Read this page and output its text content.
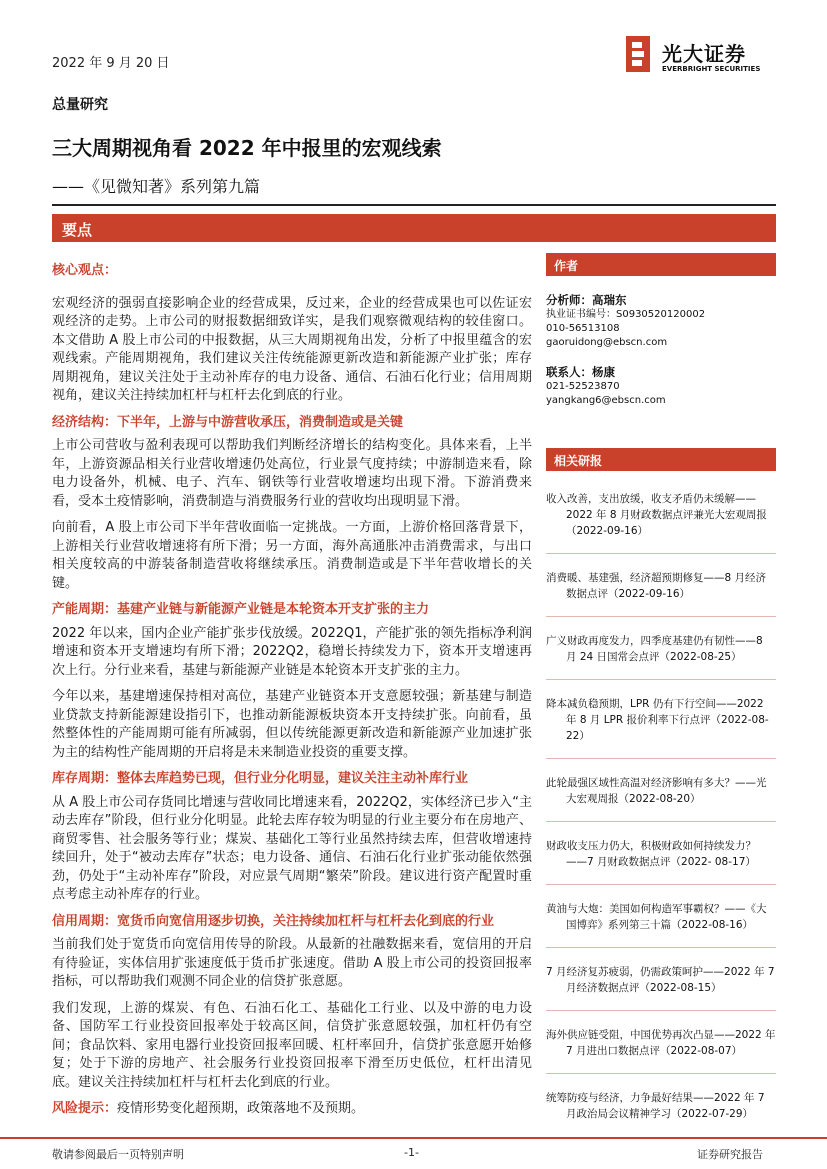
2022 年 9 月 20 日	光大证券
EVERBRIGHT SECURITIES
总量研究
三大周期视角看 2022 年中报里的宏观线索
——《见微知著》系列第九篇
要点
核心观点：

宏观经济的强弱直接影响企业的经营成果，反过来，企业的经营成果也可以佐证宏观经济的走势。上市公司的财报数据细致详实，是我们观察微观结构的较佳窗口。本文借助 A 股上市公司的中报数据，从三大周期视角出发，分析了中报里蕴含的宏观线索。产能周期视角，我们建议关注传统能源更新改造和新能源产业扩张；库存周期视角，建议关注处于主动补库存的电力设备、通信、石油石化行业；信用周期视角，建议关注持续加杠杆与杠杆去化到底的行业。

经济结构：下半年，上游与中游营收承压，消费制造或是关键

上市公司营收与盈利表现可以帮助我们判断经济增长的结构变化。具体来看，上半年，上游资源品相关行业营收增速仍处高位，行业景气度持续；中游制造来看，除电力设备外，机械、电子、汽车、钢铁等行业营收增速均出现下滑。下游消费来看，受本土疫情影响，消费制造与消费服务行业的营收均出现明显下滑。

向前看，A 股上市公司下半年营收面临一定挑战。一方面，上游价格回落背景下，上游相关行业营收增速将有所下滑；另一方面，海外高通胀冲击消费需求，与出口相关度较高的中游装备制造营收将继续承压。消费制造或是下半年营收增长的关键。

产能周期：基建产业链与新能源产业链是本轮资本开支扩张的主力

2022 年以来，国内企业产能扩张步伐放缓。2022Q1，产能扩张的领先指标净利润增速和资本开支增速均有所下滑；2022Q2，稳增长持续发力下，资本开支增速再次上行。分行业来看，基建与新能源产业链是本轮资本开支扩张的主力。

今年以来，基建增速保持相对高位，基建产业链资本开支意愿较强；新基建与制造业贷款支持新能源建设指引下，也推动新能源板块资本开支持续扩张。向前看，虽然整体性的产能周期可能有所减弱，但以传统能源更新改造和新能源产业加速扩张为主的结构性产能周期的开启将是未来制造业投资的重要支撑。

库存周期：整体去库趋势已现，但行业分化明显，建议关注主动补库行业

从 A 股上市公司存货同比增速与营收同比增速来看，2022Q2，实体经济已步入“主动去库存”阶段，但行业分化明显。此轮去库存较为明显的行业主要分布在房地产、商贸零售、社会服务等行业；煤炭、基础化工等行业虽然持续去库，但营收增速持续回升，处于“被动去库存”状态；电力设备、通信、石油石化行业扩张动能依然强劲，仍处于“主动补库存”阶段，对应景气周期“繁荣”阶段。建议进行资产配置时重点考虑主动补库存的行业。

信用周期：宽货币向宽信用逐步切换，关注持续加杠杆与杠杆去化到底的行业

当前我们处于宽货币向宽信用传导的阶段。从最新的社融数据来看，宽信用的开启有待验证，实体信用扩张速度低于货币扩张速度。借助 A 股上市公司的投资回报率指标，可以帮助我们观测不同企业的信贷扩张意愿。

我们发现，上游的煤炭、有色、石油石化工、基础化工行业、以及中游的电力设备、国防军工行业投资回报率处于较高区间，信贷扩张意愿较强，加杠杆仍有空间；食品饮料、家用电器行业投资回报率回暖、杠杆率回升，信贷扩张意愿开始修复；处于下游的房地产、社会服务行业投资回报率下滑至历史低位，杠杆出清见底。建议关注持续加杠杆与杠杆去化到底的行业。

风险提示：疫情形势变化超预期，政策落地不及预期。

作者
分析师：高瑞东
执业证书编号：S0930520120002
010-56513108
gaoruidong@ebscn.com
联系人：杨康
021-52523870
yangkang6@ebscn.com
相关研报
收入改善，支出放缓，收支矛盾仍未缓解——2022 年 8 月财政数据点评兼光大宏观周报（2022-09-16）
消费暖、基建强，经济超预期修复——8 月经济数据点评（2022-09-16）
广义财政再度发力，四季度基建仍有韧性——8 月 24 日国常会点评（2022-08-25）
降本减负稳预期，LPR 仍有下行空间——2022 年 8 月 LPR 报价利率下行点评（2022-08-22）
此轮最强区域性高温对经济影响有多大？——光大宏观周报（2022-08-20）
财政收支压力仍大，积极财政如何持续发力？——7 月财政数据点评（2022- 08-17）
黄油与大炮：美国如何构造军事霸权？——《大国博弈》系列第三十篇（2022-08-16）
7 月经济复苏疲弱，仍需政策呵护——2022 年 7 月经济数据点评（2022-08-15）
海外供应链受阻，中国优势再次凸显——2022 年 7 月进出口数据点评（2022-08-07）
统筹防疫与经济，力争最好结果——2022 年 7 月政治局会议精神学习（2022-07-29）
敬请参阅最后一页特别声明	-1-	证券研究报告
